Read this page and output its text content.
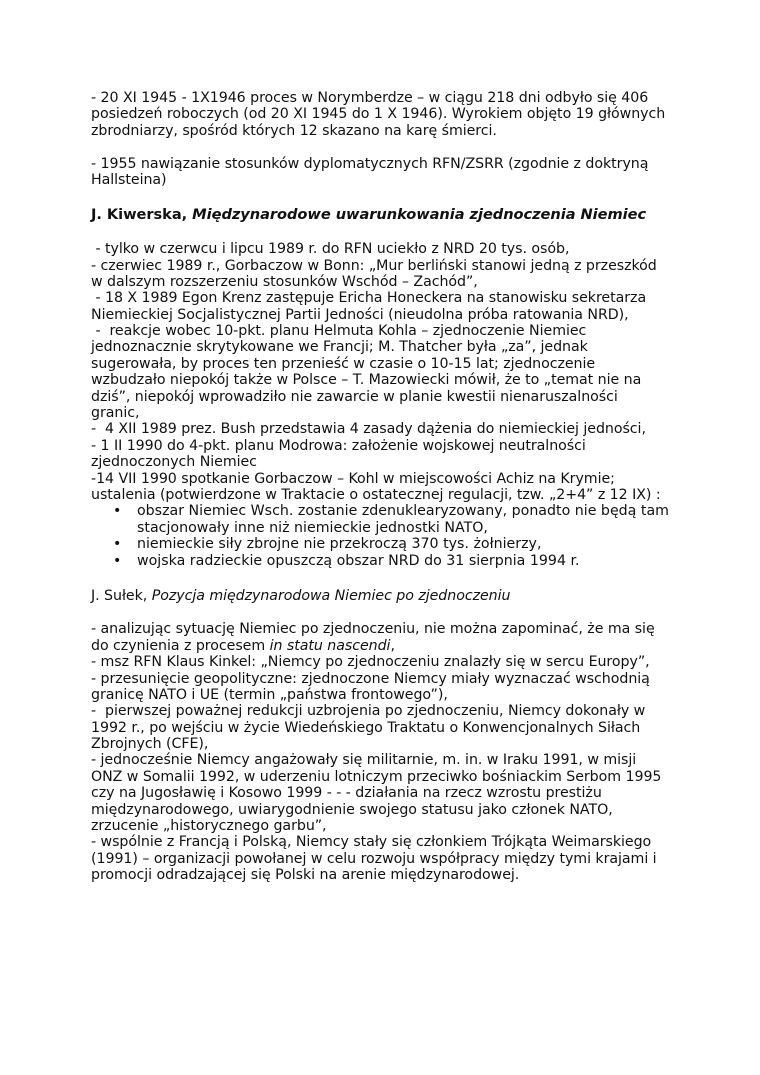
- 20 XI 1945 - 1X1946 proces w Norymberdze – w ciągu 218 dni odbyło się 406
posiedzeń roboczych (od 20 XI 1945 do 1 X 1946). Wyrokiem objęto 19 głównych
zbrodniarzy, spośród których 12 skazano na karę śmierci.
- 1955 nawiązanie stosunków dyplomatycznych RFN/ZSRR (zgodnie z doktryną
Hallsteina)
J. Kiwerska, Międzynarodowe uwarunkowania zjednoczenia Niemiec
- tylko w czerwcu i lipcu 1989 r. do RFN uciekło z NRD 20 tys. osób,
- czerwiec 1989 r., Gorbaczow w Bonn: „Mur berliński stanowi jedną z przeszkód
w dalszym rozszerzeniu stosunków Wschód – Zachód”,
- 18 X 1989 Egon Krenz zastępuje Ericha Honeckera na stanowisku sekretarza
Niemieckiej Socjalistycznej Partii Jedności (nieudolna próba ratowania NRD),
-  reakcje wobec 10-pkt. planu Helmuta Kohla – zjednoczenie Niemiec
jednoznacznie skrytykowane we Francji; M. Thatcher była „za”, jednak
sugerowała, by proces ten przenieść w czasie o 10-15 lat; zjednoczenie
wzbudzało niepokój także w Polsce – T. Mazowiecki mówił, że to „temat nie na
dziś”, niepokój wprowadziło nie zawarcie w planie kwestii nienaruszalności
granic,
-  4 XII 1989 prez. Bush przedstawia 4 zasady dążenia do niemieckiej jedności,
- 1 II 1990 do 4-pkt. planu Modrowa: założenie wojskowej neutralności
zjednoczonych Niemiec
-14 VII 1990 spotkanie Gorbaczow – Kohl w miejscowości Achiz na Krymie;
ustalenia (potwierdzone w Traktacie o ostatecznej regulacji, tzw. „2+4” z 12 IX) :
• obszar Niemiec Wsch. zostanie zdenuklearyzowany, ponadto nie będą tam
stacjonowały inne niż niemieckie jednostki NATO,
• niemieckie siły zbrojne nie przekroczą 370 tys. żołnierzy,
• wojska radzieckie opuszczą obszar NRD do 31 sierpnia 1994 r.
J. Sułek, Pozycja międzynarodowa Niemiec po zjednoczeniu
- analizując sytuację Niemiec po zjednoczeniu, nie można zapominać, że ma się
do czynienia z procesem in statu nascendi,
- msz RFN Klaus Kinkel: „Niemcy po zjednoczeniu znalazły się w sercu Europy”,
- przesunięcie geopolityczne: zjednoczone Niemcy miały wyznaczać wschodnią
granicę NATO i UE (termin „państwa frontowego”),
-  pierwszej poważnej redukcji uzbrojenia po zjednoczeniu, Niemcy dokonały w
1992 r., po wejściu w życie Wiedeńskiego Traktatu o Konwencjonalnych Siłach
Zbrojnych (CFE),
- jednocześnie Niemcy angażowały się militarnie, m. in. w Iraku 1991, w misji
ONZ w Somalii 1992, w uderzeniu lotniczym przeciwko bośniackim Serbom 1995
czy na Jugosławię i Kosowo 1999 - - - działania na rzecz wzrostu prestiżu
międzynarodowego, uwiarygodnienie swojego statusu jako członek NATO,
zrzucenie „historycznego garbu”,
- wspólnie z Francją i Polską, Niemcy stały się członkiem Trójkąta Weimarskiego
(1991) – organizacji powołanej w celu rozwoju współpracy między tymi krajami i
promocji odradzającej się Polski na arenie międzynarodowej.
